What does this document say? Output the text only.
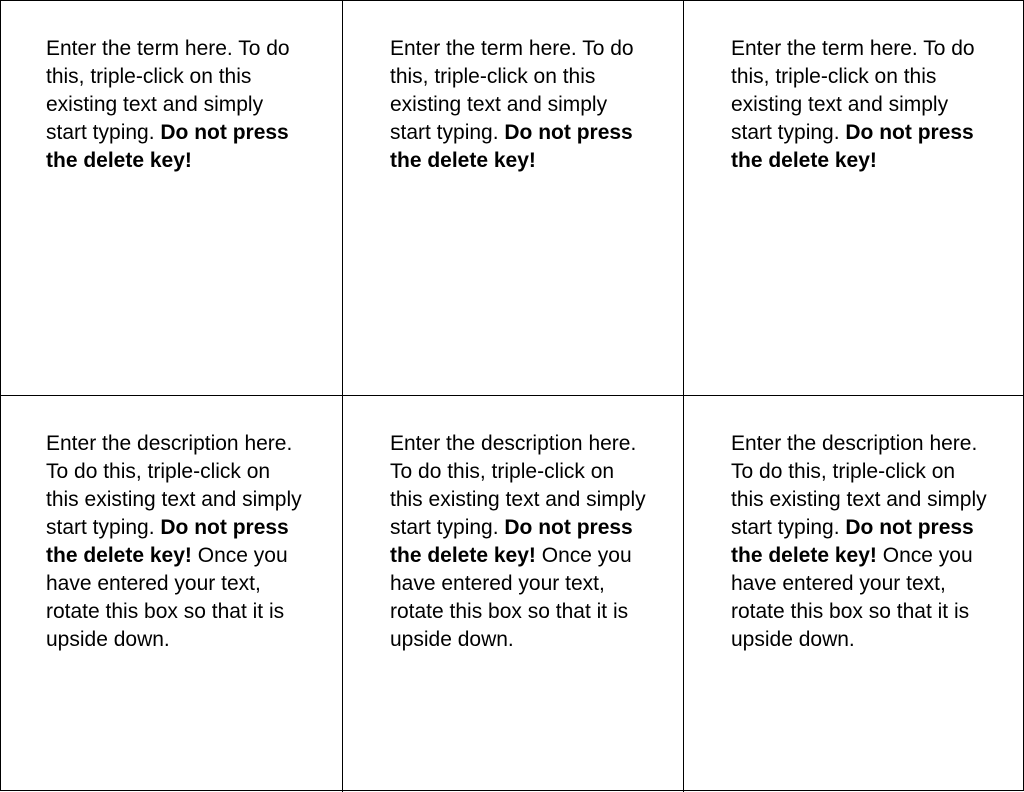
Enter the term here. To do this, triple-click on this existing text and simply start typing. Do not press the delete key!
Enter the term here. To do this, triple-click on this existing text and simply start typing. Do not press the delete key!
Enter the term here. To do this, triple-click on this existing text and simply start typing. Do not press the delete key!
Enter the description here. To do this, triple-click on this existing text and simply start typing. Do not press the delete key! Once you have entered your text, rotate this box so that it is upside down.
Enter the description here. To do this, triple-click on this existing text and simply start typing. Do not press the delete key! Once you have entered your text, rotate this box so that it is upside down.
Enter the description here. To do this, triple-click on this existing text and simply start typing. Do not press the delete key! Once you have entered your text, rotate this box so that it is upside down.
